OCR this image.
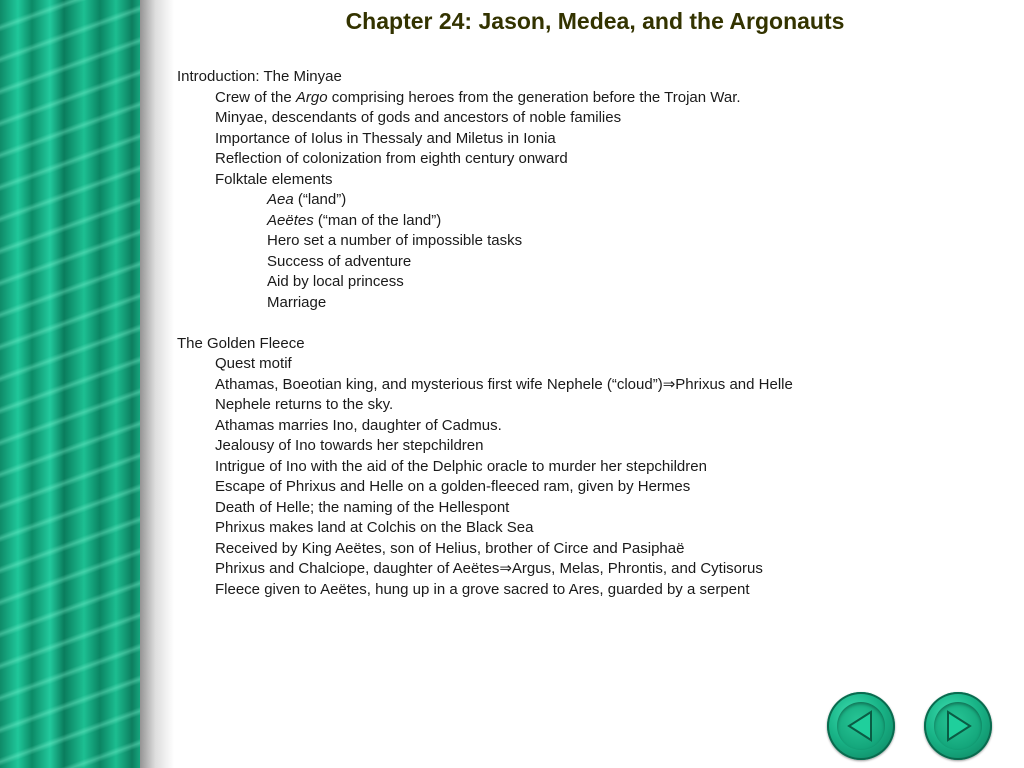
Chapter 24: Jason, Medea, and the Argonauts
Introduction: The Minyae
Crew of the Argo comprising heroes from the generation before the Trojan War.
Minyae, descendants of gods and ancestors of noble families
Importance of Iolus in Thessaly and Miletus in Ionia
Reflection of colonization from eighth century onward
Folktale elements
Aea (“land”)
Aeëtes (“man of the land”)
Hero set a number of impossible tasks
Success of adventure
Aid by local princess
Marriage
The Golden Fleece
Quest motif
Athamas, Boeotian king, and mysterious first wife Nephele (“cloud”)⇒Phrixus and Helle
Nephele returns to the sky.
Athamas marries Ino, daughter of Cadmus.
Jealousy of Ino towards her stepchildren
Intrigue of Ino with the aid of the Delphic oracle to murder her stepchildren
Escape of Phrixus and Helle on a golden-fleeced ram, given by Hermes
Death of Helle; the naming of the Hellespont
Phrixus makes land at Colchis on the Black Sea
Received by King Aeëtes, son of Helius, brother of Circe and Pasiphaë
Phrixus and Chalciope, daughter of Aeëtes⇒Argus, Melas, Phrontis, and Cytisorus
Fleece given to Aeëtes, hung up in a grove sacred to Ares, guarded by a serpent
